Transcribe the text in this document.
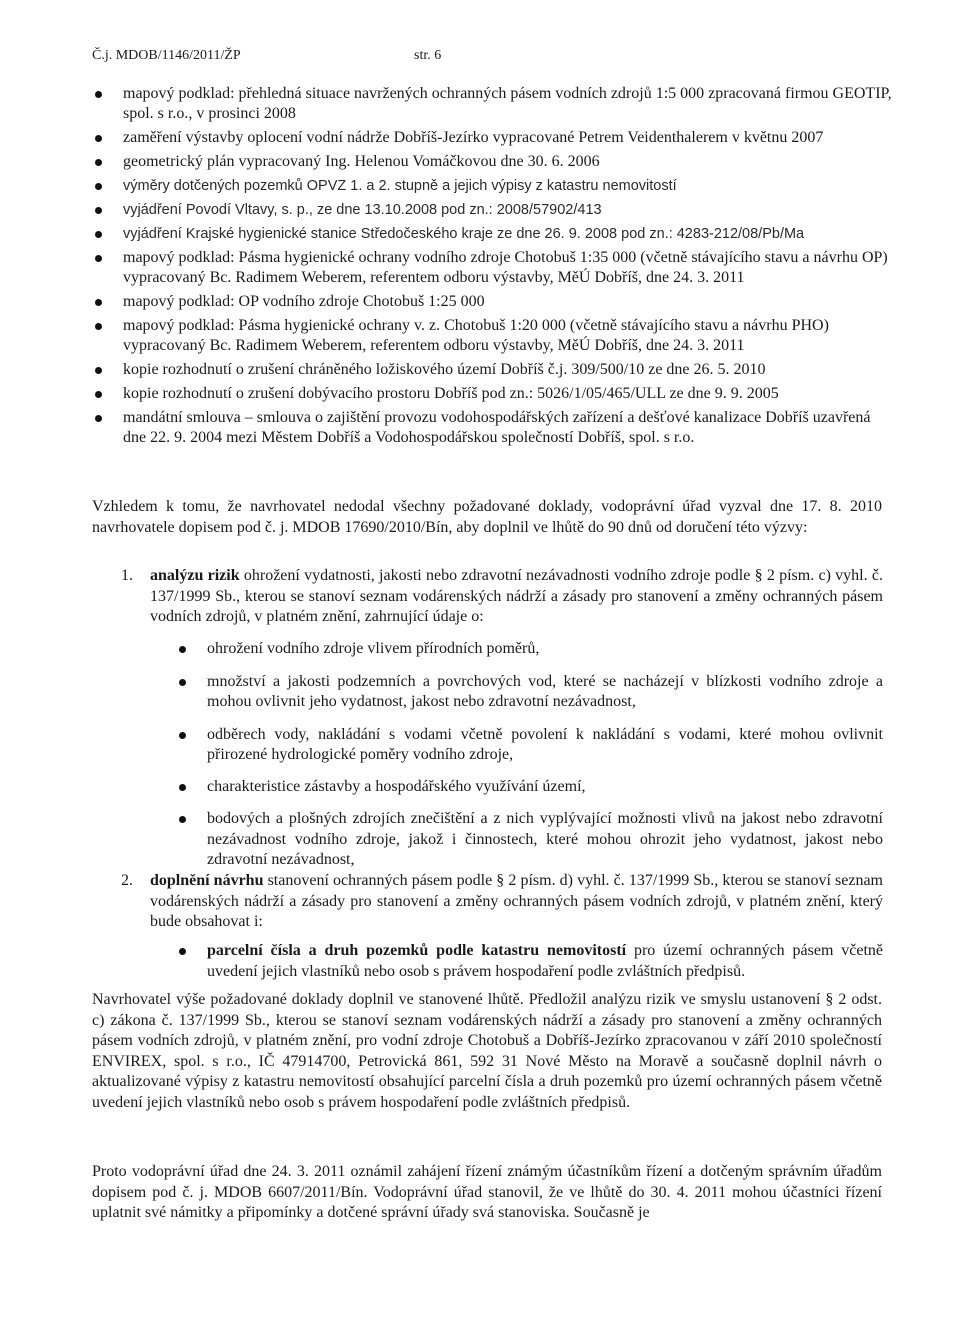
Č.j. MDOB/1146/2011/ŽP	str. 6
mapový podklad: přehledná situace navržených ochranných pásem vodních zdrojů 1:5 000 zpracovaná firmou GEOTIP, spol. s r.o., v prosinci 2008
zaměření výstavby oplocení vodní nádrže Dobříš-Jezírko vypracované Petrem Veidenthalerem v květnu 2007
geometrický plán vypracovaný Ing. Helenou Vomáčkovou dne 30. 6. 2006
výměry dotčených pozemků OPVZ 1. a 2. stupně a jejich výpisy z katastru nemovitostí
vyjádření Povodí Vltavy, s. p., ze dne 13.10.2008 pod zn.: 2008/57902/413
vyjádření Krajské hygienické stanice Středočeského kraje ze dne 26. 9. 2008 pod zn.: 4283-212/08/Pb/Ma
mapový podklad: Pásma hygienické ochrany vodního zdroje Chotobuš 1:35 000 (včetně stávajícího stavu a návrhu OP) vypracovaný Bc. Radimem Weberem, referentem odboru výstavby, MěÚ Dobříš, dne 24. 3. 2011
mapový podklad: OP vodního zdroje Chotobuš 1:25 000
mapový podklad: Pásma hygienické ochrany v. z. Chotobuš 1:20 000 (včetně stávajícího stavu a návrhu PHO) vypracovaný Bc. Radimem Weberem, referentem odboru výstavby, MěÚ Dobříš, dne 24. 3. 2011
kopie rozhodnutí o zrušení chráněného ložiskového území Dobříš č.j. 309/500/10 ze dne 26. 5. 2010
kopie rozhodnutí o zrušení dobývacího prostoru Dobříš pod zn.: 5026/1/05/465/ULL ze dne 9. 9. 2005
mandátní smlouva – smlouva o zajištění provozu vodohospodářských zařízení a dešťové kanalizace Dobříš uzavřená dne 22. 9. 2004 mezi Městem Dobříš a Vodohospodářskou společností Dobříš, spol. s r.o.

Vzhledem k tomu, že navrhovatel nedodal všechny požadované doklady, vodoprávní úřad vyzval dne 17. 8. 2010 navrhovatele dopisem pod č. j. MDOB 17690/2010/Bín, aby doplnil ve lhůtě do 90 dnů od doručení této výzvy:

1. analýzu rizik ohrožení vydatnosti, jakosti nebo zdravotní nezávadnosti vodního zdroje podle § 2 písm. c) vyhl. č. 137/1999 Sb., kterou se stanoví seznam vodárenských nádrží a zásady pro stanovení a změny ochranných pásem vodních zdrojů, v platném znění, zahrnující údaje o:
ohrožení vodního zdroje vlivem přírodních poměrů,
množství a jakosti podzemních a povrchových vod, které se nacházejí v blízkosti vodního zdroje a mohou ovlivnit jeho vydatnost, jakost nebo zdravotní nezávadnost,
odběrech vody, nakládání s vodami včetně povolení k nakládání s vodami, které mohou ovlivnit přirozené hydrologické poměry vodního zdroje,
charakteristice zástavby a hospodářského využívání území,
bodových a plošných zdrojích znečištění a z nich vyplývající možnosti vlivů na jakost nebo zdravotní nezávadnost vodního zdroje, jakož i činnostech, které mohou ohrozit jeho vydatnost, jakost nebo zdravotní nezávadnost,
2. doplnění návrhu stanovení ochranných pásem podle § 2 písm. d) vyhl. č. 137/1999 Sb., kterou se stanoví seznam vodárenských nádrží a zásady pro stanovení a změny ochranných pásem vodních zdrojů, v platném znění, který bude obsahovat i:
parcelní čísla a druh pozemků podle katastru nemovitostí pro území ochranných pásem včetně uvedení jejich vlastníků nebo osob s právem hospodaření podle zvláštních předpisů.

Navrhovatel výše požadované doklady doplnil ve stanovené lhůtě. Předložil analýzu rizik ve smyslu ustanovení § 2 odst. c) zákona č. 137/1999 Sb., kterou se stanoví seznam vodárenských nádrží a zásady pro stanovení a změny ochranných pásem vodních zdrojů, v platném znění, pro vodní zdroje Chotobuš a Dobříš-Jezírko zpracovanou v září 2010 společností ENVIREX, spol. s r.o., IČ 47914700, Petrovická 861, 592 31 Nové Město na Moravě a současně doplnil návrh o aktualizované výpisy z katastru nemovitostí obsahující parcelní čísla a druh pozemků pro území ochranných pásem včetně uvedení jejich vlastníků nebo osob s právem hospodaření podle zvláštních předpisů.

Proto vodoprávní úřad dne 24. 3. 2011 oznámil zahájení řízení známým účastníkům řízení a dotčeným správním úřadům dopisem pod č. j. MDOB 6607/2011/Bín. Vodoprávní úřad stanovil, že ve lhůtě do 30. 4. 2011 mohou účastníci řízení uplatnit své námitky a připomínky a dotčené správní úřady svá stanoviska. Současně je
